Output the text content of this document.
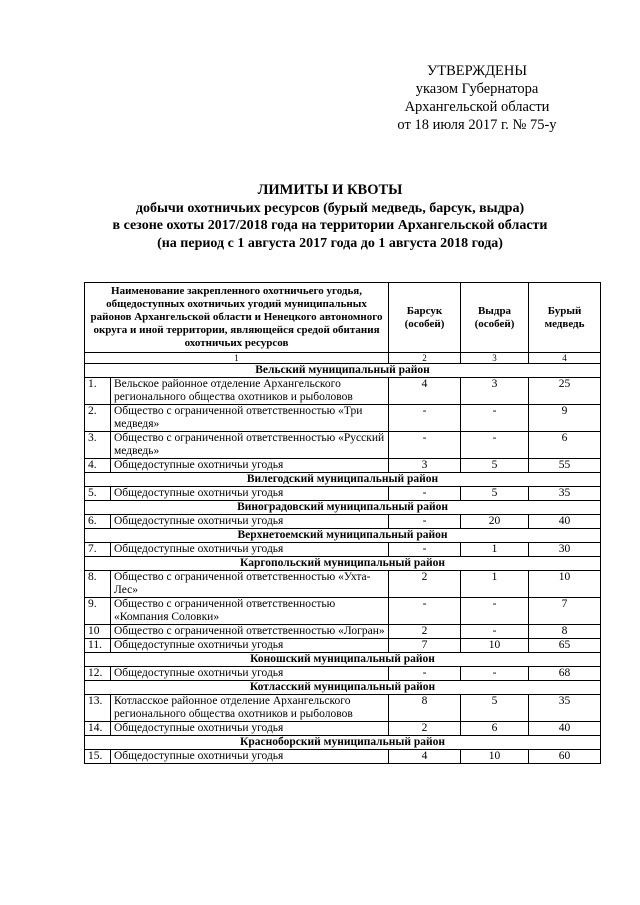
УТВЕРЖДЕНЫ
указом Губернатора
Архангельской области
от 18 июля 2017 г. № 75-у
ЛИМИТЫ И КВОТЫ
добычи охотничьих ресурсов (бурый медведь, барсук, выдра)
в сезоне охоты 2017/2018 года на территории Архангельской области
(на период с 1 августа 2017 года до 1 августа 2018 года)
Наименование закрепленного охотничьего угодья, общедоступных охотничьих угодий муниципальных районов Архангельской области и Ненецкого автономного округа и иной территории, являющейся средой обитания охотничьих ресурсов		Барсук (особей)	Выдра (особей)	Бурый медведь
1		2	3	4
Вельский муниципальный район				
1.	Вельское районное отделение Архангельского регионального общества охотников и рыболовов	4	3	25
2.	Общество с ограниченной ответственностью «Три медведя»	-	-	9
3.	Общество с ограниченной ответственностью «Русский медведь»	-	-	6
4.	Общедоступные охотничьи угодья	3	5	55
Вилегодский муниципальный район				
5.	Общедоступные охотничьи угодья	-	5	35
Виноградовский муниципальный район				
6.	Общедоступные охотничьи угодья	-	20	40
Верхнетоемский муниципальный район				
7.	Общедоступные охотничьи угодья	-	1	30
Каргопольский муниципальный район				
8.	Общество с ограниченной ответственностью «Ухта-Лес»	2	1	10
9.	Общество с ограниченной ответственностью «Компания Соловки»	-	-	7
10	Общество с ограниченной ответственностью «Логран»	2	-	8
11.	Общедоступные охотничьи угодья	7	10	65
Коношский муниципальный район				
12.	Общедоступные охотничьи угодья	-	-	68
Котласский муниципальный район				
13.	Котласское районное отделение Архангельского регионального общества охотников и рыболовов	8	5	35
14.	Общедоступные охотничьи угодья	2	6	40
Красноборский муниципальный район				
15.	Общедоступные охотничьи угодья	4	10	60
